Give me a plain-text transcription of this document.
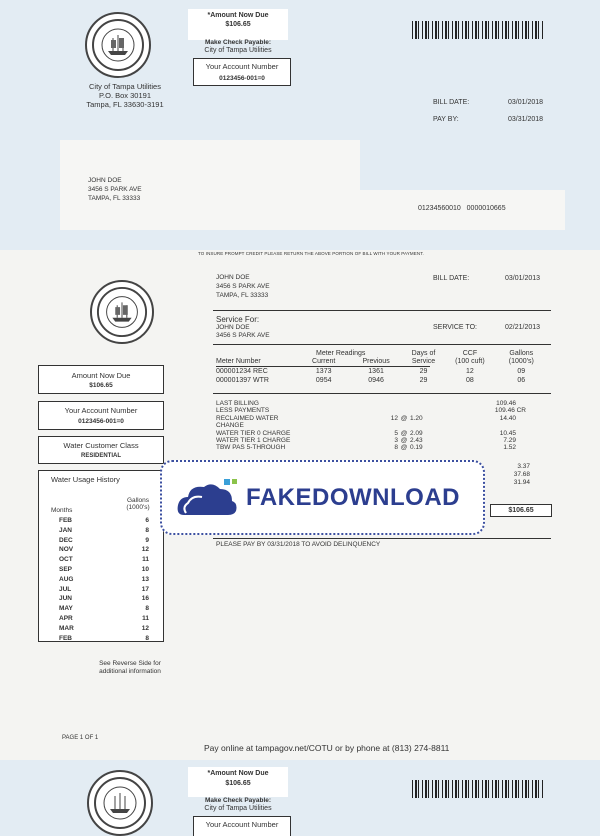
City of Tampa Utilities
P.O. Box 30191
Tampa, FL 33630-3191
*Amount Now Due
$106.65
Make Check Payable:
City of Tampa Utilities
Your Account Number
0123456-001=0
BILL DATE:	03/01/2018
PAY BY:	03/31/2018
JOHN DOE
3456 S PARK AVE
TAMPA, FL 33333
01234560010   0000010665
TO INSURE PROMPT CREDIT PLEASE RETURN THE ABOVE PORTION OF BILL WITH YOUR PAYMENT.
JOHN DOE
3456 S PARK AVE
TAMPA, FL 33333
BILL DATE:	03/01/2013
Service For:
JOHN DOE
3456 S PARK AVE
SERVICE TO:	02/21/2013
Meter Readings	Days of	CCF	Gallons
Meter Number	Current	Previous	Service	(100 cuft)	(1000's)
000001234 REC	1373	1361	29	12	09
000001397 WTR	0954	0946	29	08	06
LAST BILLING	109.46
LESS PAYMENTS	109.46 CR
RECLAIMED WATER CHANGE
12 @ 1.20	14.40
WATER TIER 0 CHARGE	5 @ 2.09	10.45
WATER TIER 1 CHARGE	3 @ 2.43	7.29
TBW PAS 5-THROUGH	8 @ 0.19	1.52
3.37
37.68
31.94
$106.65
PLEASE PAY BY 03/31/2018 TO AVOID DELINQUENCY
Amount Now Due
$106.65
Your Account Number
0123456-001=0
Water Customer Class
RESIDENTIAL
Water Usage History
Gallons
(1000's)
Months
FEB	6
JAN	8
DEC	9
NOV	12
OCT	11
SEP	10
AUG	13
JUL	17
JUN	16
MAY	8
APR	11
MAR	12
FEB	8
See Reverse Side for
additional information
PAGE 1 OF 1
Pay online at tampagov.net/COTU or by phone at (813) 274-8811
*Amount Now Due
$106.65
Make Check Payable:
City of Tampa Utilities
Your Account Number
FAKEDOWNLOAD
